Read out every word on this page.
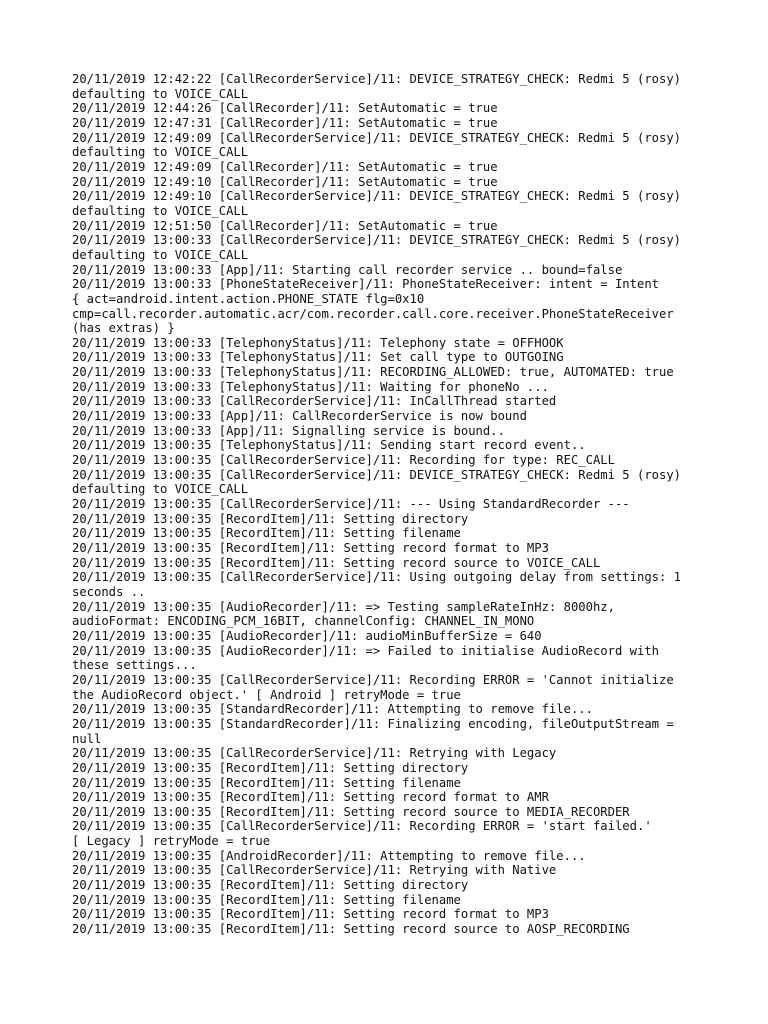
20/11/2019 12:42:22 [CallRecorderService]/11: DEVICE_STRATEGY_CHECK: Redmi 5 (rosy)
defaulting to VOICE_CALL
20/11/2019 12:44:26 [CallRecorder]/11: SetAutomatic = true
20/11/2019 12:47:31 [CallRecorder]/11: SetAutomatic = true
20/11/2019 12:49:09 [CallRecorderService]/11: DEVICE_STRATEGY_CHECK: Redmi 5 (rosy)
defaulting to VOICE_CALL
20/11/2019 12:49:09 [CallRecorder]/11: SetAutomatic = true
20/11/2019 12:49:10 [CallRecorder]/11: SetAutomatic = true
20/11/2019 12:49:10 [CallRecorderService]/11: DEVICE_STRATEGY_CHECK: Redmi 5 (rosy)
defaulting to VOICE_CALL
20/11/2019 12:51:50 [CallRecorder]/11: SetAutomatic = true
20/11/2019 13:00:33 [CallRecorderService]/11: DEVICE_STRATEGY_CHECK: Redmi 5 (rosy)
defaulting to VOICE_CALL
20/11/2019 13:00:33 [App]/11: Starting call recorder service .. bound=false
20/11/2019 13:00:33 [PhoneStateReceiver]/11: PhoneStateReceiver: intent = Intent
{ act=android.intent.action.PHONE_STATE flg=0x10
cmp=call.recorder.automatic.acr/com.recorder.call.core.receiver.PhoneStateReceiver
(has extras) }
20/11/2019 13:00:33 [TelephonyStatus]/11: Telephony state = OFFHOOK
20/11/2019 13:00:33 [TelephonyStatus]/11: Set call type to OUTGOING
20/11/2019 13:00:33 [TelephonyStatus]/11: RECORDING_ALLOWED: true, AUTOMATED: true
20/11/2019 13:00:33 [TelephonyStatus]/11: Waiting for phoneNo ...
20/11/2019 13:00:33 [CallRecorderService]/11: InCallThread started
20/11/2019 13:00:33 [App]/11: CallRecorderService is now bound
20/11/2019 13:00:33 [App]/11: Signalling service is bound..
20/11/2019 13:00:35 [TelephonyStatus]/11: Sending start record event..
20/11/2019 13:00:35 [CallRecorderService]/11: Recording for type: REC_CALL
20/11/2019 13:00:35 [CallRecorderService]/11: DEVICE_STRATEGY_CHECK: Redmi 5 (rosy)
defaulting to VOICE_CALL
20/11/2019 13:00:35 [CallRecorderService]/11: --- Using StandardRecorder ---
20/11/2019 13:00:35 [RecordItem]/11: Setting directory
20/11/2019 13:00:35 [RecordItem]/11: Setting filename
20/11/2019 13:00:35 [RecordItem]/11: Setting record format to MP3
20/11/2019 13:00:35 [RecordItem]/11: Setting record source to VOICE_CALL
20/11/2019 13:00:35 [CallRecorderService]/11: Using outgoing delay from settings: 1
seconds ..
20/11/2019 13:00:35 [AudioRecorder]/11: => Testing sampleRateInHz: 8000hz,
audioFormat: ENCODING_PCM_16BIT, channelConfig: CHANNEL_IN_MONO
20/11/2019 13:00:35 [AudioRecorder]/11: audioMinBufferSize = 640
20/11/2019 13:00:35 [AudioRecorder]/11: => Failed to initialise AudioRecord with
these settings...
20/11/2019 13:00:35 [CallRecorderService]/11: Recording ERROR = 'Cannot initialize
the AudioRecord object.' [ Android ] retryMode = true
20/11/2019 13:00:35 [StandardRecorder]/11: Attempting to remove file...
20/11/2019 13:00:35 [StandardRecorder]/11: Finalizing encoding, fileOutputStream =
null
20/11/2019 13:00:35 [CallRecorderService]/11: Retrying with Legacy
20/11/2019 13:00:35 [RecordItem]/11: Setting directory
20/11/2019 13:00:35 [RecordItem]/11: Setting filename
20/11/2019 13:00:35 [RecordItem]/11: Setting record format to AMR
20/11/2019 13:00:35 [RecordItem]/11: Setting record source to MEDIA_RECORDER
20/11/2019 13:00:35 [CallRecorderService]/11: Recording ERROR = 'start failed.'
[ Legacy ] retryMode = true
20/11/2019 13:00:35 [AndroidRecorder]/11: Attempting to remove file...
20/11/2019 13:00:35 [CallRecorderService]/11: Retrying with Native
20/11/2019 13:00:35 [RecordItem]/11: Setting directory
20/11/2019 13:00:35 [RecordItem]/11: Setting filename
20/11/2019 13:00:35 [RecordItem]/11: Setting record format to MP3
20/11/2019 13:00:35 [RecordItem]/11: Setting record source to AOSP_RECORDING
